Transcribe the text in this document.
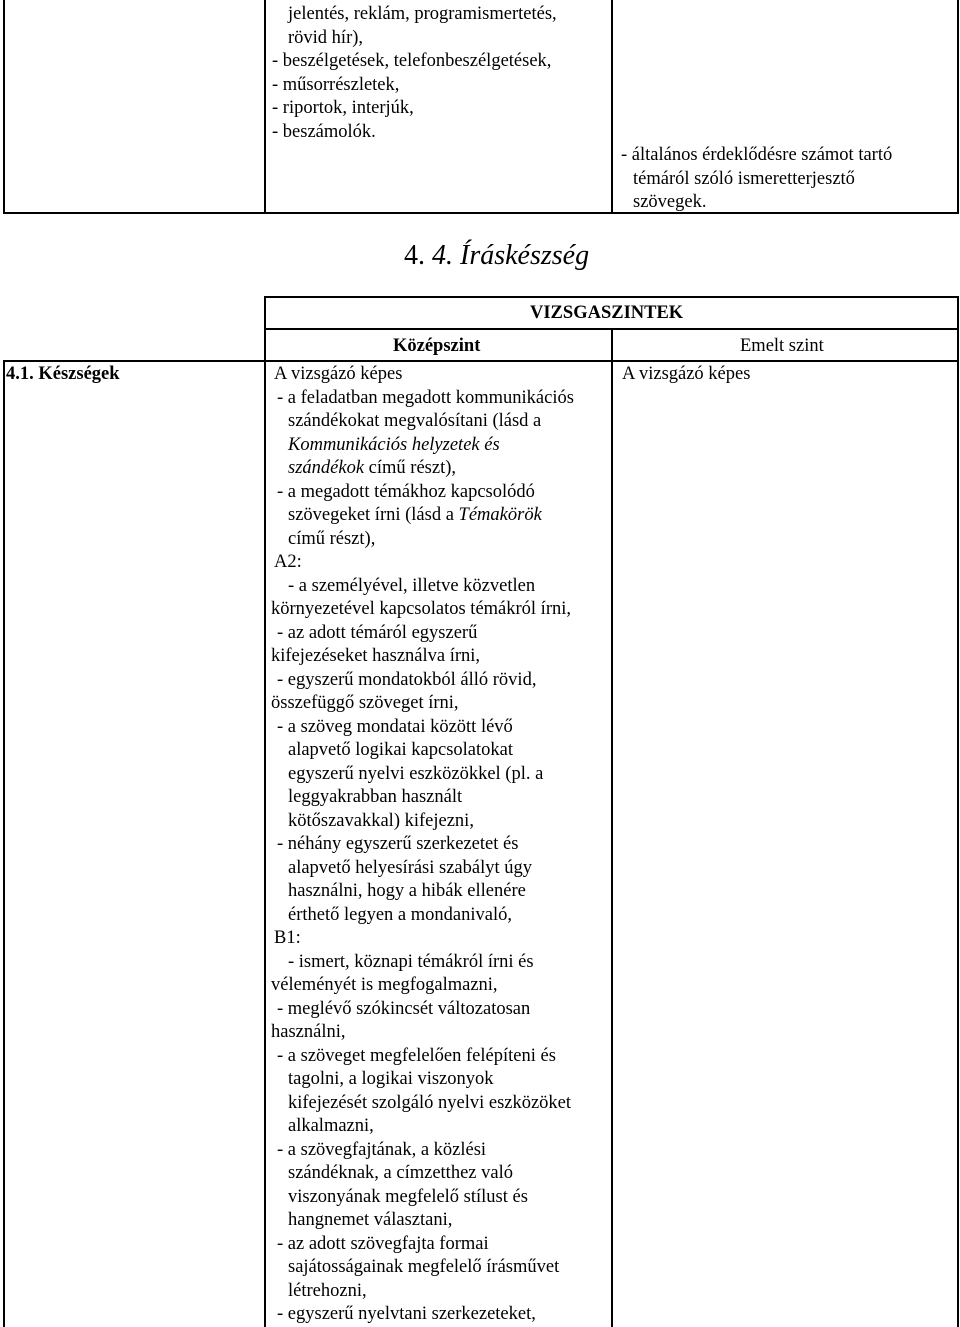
jelentés, reklám, programismertetés,
rövid hír),
- beszélgetések, telefonbeszélgetések,
- műsorrészletek,
- riportok, interjúk,
- beszámolók.
- általános érdeklődésre számot tartó
témáról szóló ismeretterjesztő
szövegek.
4. 4. Íráskészség
VIZSGASZINTEK
Középszint	Emelt szint
4.1. Készségek	A vizsgázó képes
A vizsgázó képes
- a feladatban megadott kommunikációs
szándékokat megvalósítani (lásd a
Kommunikációs helyzetek és
szándékok című részt),
- a megadott témákhoz kapcsolódó
szövegeket írni (lásd a Témakörök
című részt),
A2:
- a személyével, illetve közvetlen
környezetével kapcsolatos témákról írni,
- az adott témáról egyszerű
kifejezéseket használva írni,
- egyszerű mondatokból álló rövid,
összefüggő szöveget írni,
- a szöveg mondatai között lévő
alapvető logikai kapcsolatokat
egyszerű nyelvi eszközökkel (pl. a
leggyakrabban használt
kötőszavakkal) kifejezni,
- néhány egyszerű szerkezetet és
alapvető helyesírási szabályt úgy
használni, hogy a hibák ellenére
érthető legyen a mondanivaló,
B1:
- ismert, köznapi témákról írni és
véleményét is megfogalmazni,
- meglévő szókincsét változatosan
használni,
- a szöveget megfelelően felépíteni és
tagolni, a logikai viszonyok
kifejezését szolgáló nyelvi eszközöket
alkalmazni,
- a szövegfajtának, a közlési
szándéknak, a címzetthez való
viszonyának megfelelő stílust és
hangnemet választani,
- az adott szövegfajta formai
sajátosságainak megfelelő írásművet
létrehozni,
- egyszerű nyelvtani szerkezeteket,
